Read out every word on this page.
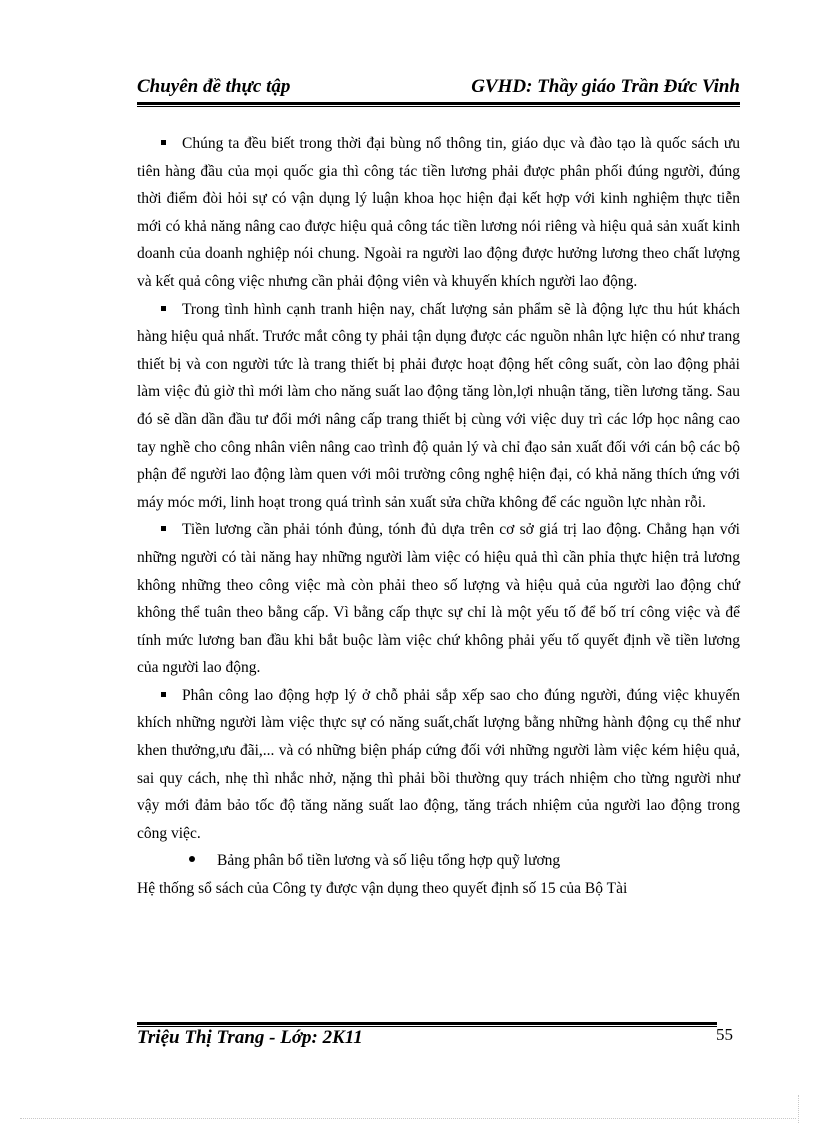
Chuyên đề thực tập	GVHD: Thầy giáo Trần Đức Vinh

Chúng ta đều biết trong thời đại bùng nổ thông tin, giáo dục và đào tạo là quốc sách ưu tiên hàng đầu của mọi quốc gia thì công tác tiền lương phải được phân phối đúng người, đúng thời điểm đòi hỏi sự có vận dụng lý luận khoa học hiện đại kết hợp với kinh nghiệm thực tiễn mới có khả năng nâng cao được hiệu quả công tác tiền lương nói riêng và hiệu quả sản xuất kinh doanh của doanh nghiệp nói chung. Ngoài ra người lao động được hưởng lương theo chất lượng và kết quả công việc nhưng cần phải động viên và khuyến khích người lao động.

Trong tình hình cạnh tranh hiện nay, chất lượng sản phẩm sẽ là động lực thu hút khách hàng hiệu quả nhất. Trước mắt công ty phải tận dụng được các nguồn nhân lực hiện có như trang thiết bị và con người tức là trang thiết bị phải được hoạt động hết công suất, còn lao động phải làm việc đủ giờ thì mới làm cho năng suất lao động tăng lòn,lợi nhuận tăng, tiền lương tăng. Sau đó sẽ dần dần đầu tư đổi mới nâng cấp trang thiết bị cùng với việc duy trì các lớp học nâng cao tay nghề cho công nhân viên nâng cao trình độ quản lý và chỉ đạo sản xuất đối với cán bộ các bộ phận để người lao động làm quen với môi trường công nghệ hiện đại, có khả năng thích ứng với máy móc mới, linh hoạt trong quá trình sản xuất sửa chữa không để các nguồn lực nhàn rỗi.

Tiền lương cần phải tónh đủng, tónh đủ dựa trên cơ sở giá trị lao động. Chẳng hạn với những người có tài năng hay những người làm việc có hiệu quả thì cần phỉa thực hiện trả lương không những theo công việc mà còn phải theo số lượng và hiệu quả của người lao động chứ không thể tuân theo bằng cấp. Vì bằng cấp thực sự chỉ là một yếu tố để bố trí công việc và để tính mức lương ban đầu khi bắt buộc làm việc chứ không phải yếu tố quyết định về tiền lương của người lao động.

Phân công lao động hợp lý ở chỗ phải sắp xếp sao cho đúng người, đúng việc khuyến khích những người làm việc thực sự có năng suất,chất lượng bằng những hành động cụ thể như khen thưởng,ưu đãi,... và có những biện pháp cứng đối với những người làm việc kém hiệu quả, sai quy cách, nhẹ thì nhắc nhở, nặng thì phải bồi thường quy trách nhiệm cho từng người như vậy mới đảm bảo tốc độ tăng năng suất lao động, tăng trách nhiệm của người lao động trong công việc.

Bảng phân bổ tiền lương và số liệu tổng hợp quỹ lương

Hệ thống sổ sách của Công ty được vận dụng theo quyết định số 15 của Bộ Tài

Triệu Thị Trang - Lớp: 2K11	55
